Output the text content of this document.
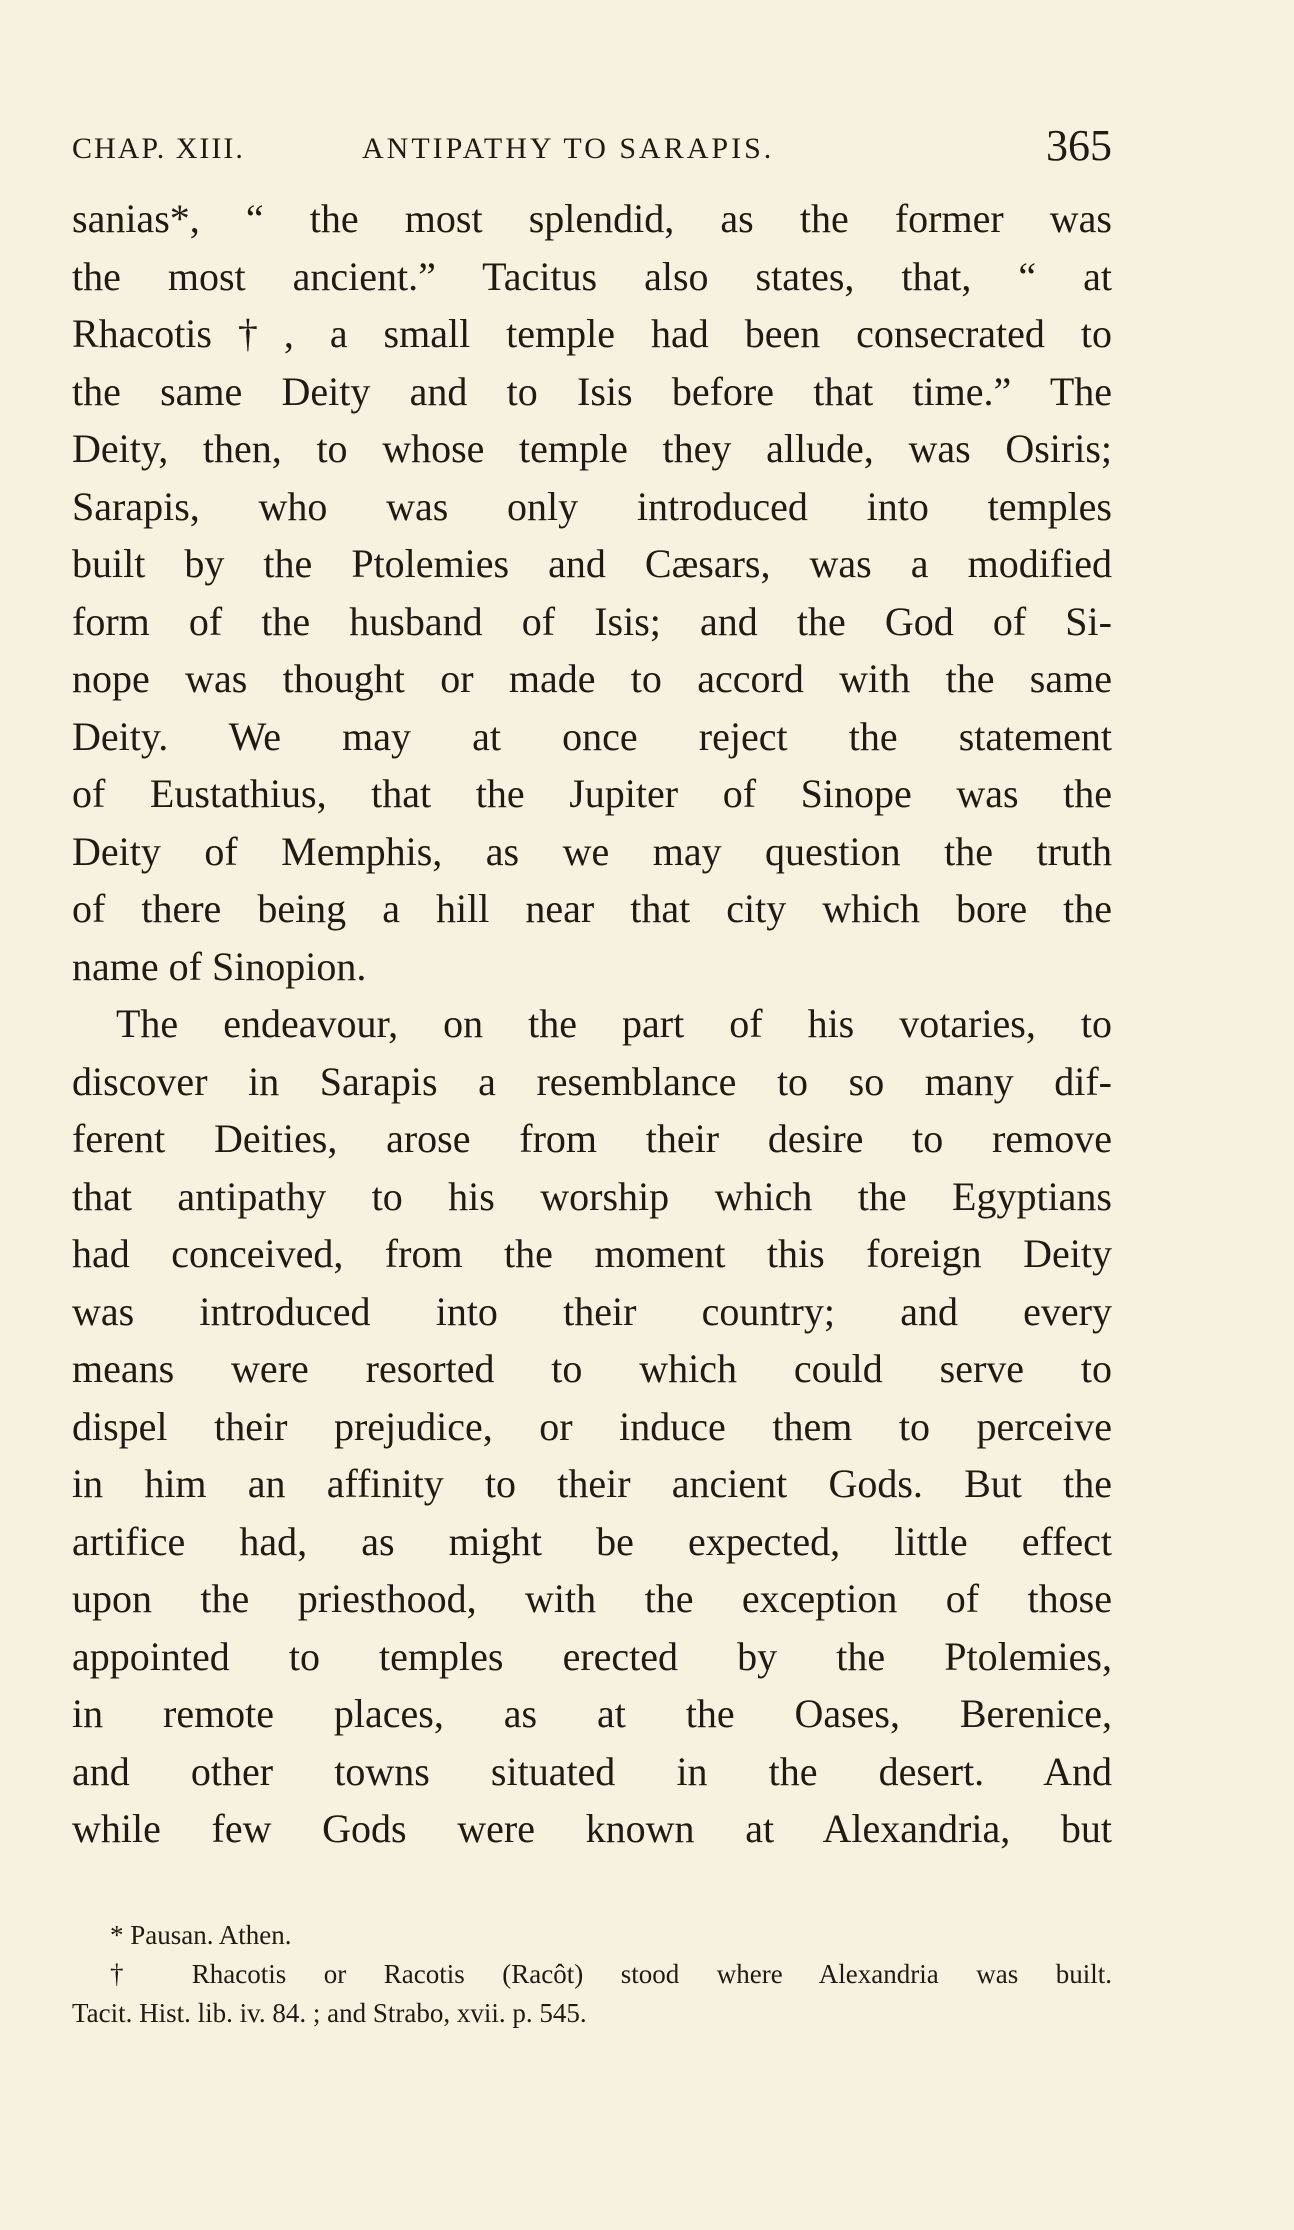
CHAP. XIII.	ANTIPATHY TO SARAPIS.	365
sanias*, “ the most splendid, as the former was
the most ancient.” Tacitus also states, that, “ at
Rhacotis†, a small temple had been consecrated to
the same Deity and to Isis before that time.” The
Deity, then, to whose temple they allude, was Osiris;
Sarapis, who was only introduced into temples
built by the Ptolemies and Cæsars, was a modified
form of the husband of Isis; and the God of Si-
nope was thought or made to accord with the same
Deity. We may at once reject the statement
of Eustathius, that the Jupiter of Sinope was the
Deity of Memphis, as we may question the truth
of there being a hill near that city which bore the
name of Sinopion.
The endeavour, on the part of his votaries, to
discover in Sarapis a resemblance to so many dif-
ferent Deities, arose from their desire to remove
that antipathy to his worship which the Egyptians
had conceived, from the moment this foreign Deity
was introduced into their country; and every
means were resorted to which could serve to
dispel their prejudice, or induce them to perceive
in him an affinity to their ancient Gods. But the
artifice had, as might be expected, little effect
upon the priesthood, with the exception of those
appointed to temples erected by the Ptolemies,
in remote places, as at the Oases, Berenice,
and other towns situated in the desert. And
while few Gods were known at Alexandria, but
* Pausan. Athen.
† Rhacotis or Racotis (Racôt) stood where Alexandria was built.
Tacit. Hist. lib. iv. 84. ; and Strabo, xvii. p. 545.
